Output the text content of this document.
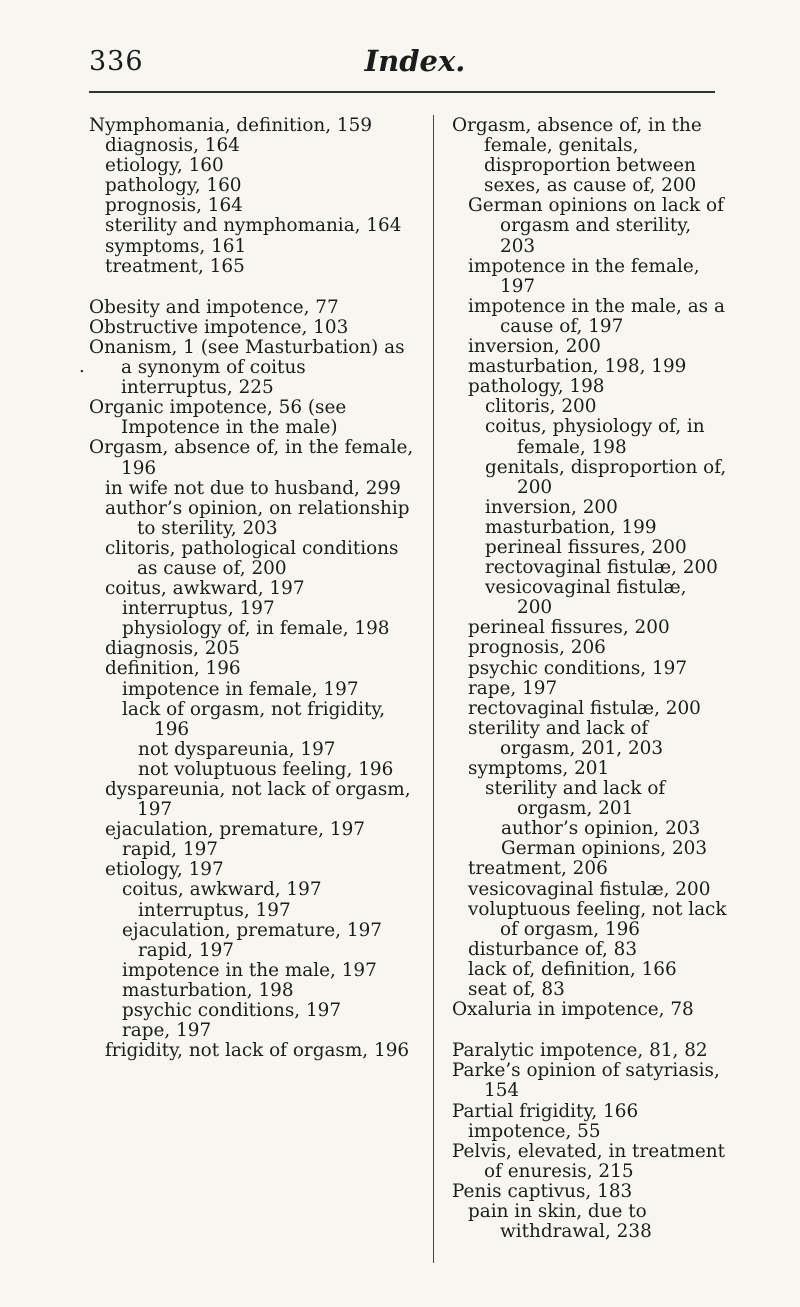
336	Index.
.
Nymphomania, definition, 159
diagnosis, 164
etiology, 160
pathology, 160
prognosis, 164
sterility and nymphomania, 164
symptoms, 161
treatment, 165
Obesity and impotence, 77
Obstructive impotence, 103
Onanism, 1 (see Masturbation) as a synonym of coitus interruptus, 225
Organic impotence, 56 (see Impotence in the male)
Orgasm, absence of, in the female, 196
in wife not due to husband, 299
author’s opinion, on relationship to sterility, 203
clitoris, pathological conditions as cause of, 200
coitus, awkward, 197
interruptus, 197
physiology of, in female, 198
diagnosis, 205
definition, 196
impotence in female, 197
lack of orgasm, not frigidity, 196
not dyspareunia, 197
not voluptuous feeling, 196
dyspareunia, not lack of orgasm, 197
ejaculation, premature, 197
rapid, 197
etiology, 197
coitus, awkward, 197
interruptus, 197
ejaculation, premature, 197
rapid, 197
impotence in the male, 197
masturbation, 198
psychic conditions, 197
rape, 197
frigidity, not lack of orgasm, 196
Orgasm, absence of, in the female, genitals, disproportion between sexes, as cause of, 200
German opinions on lack of orgasm and sterility, 203
impotence in the female, 197
impotence in the male, as a cause of, 197
inversion, 200
masturbation, 198, 199
pathology, 198
clitoris, 200
coitus, physiology of, in female, 198
genitals, disproportion of, 200
inversion, 200
masturbation, 199
perineal fissures, 200
rectovaginal fistulæ, 200
vesicovaginal fistulæ, 200
perineal fissures, 200
prognosis, 206
psychic conditions, 197
rape, 197
rectovaginal fistulæ, 200
sterility and lack of orgasm, 201, 203
symptoms, 201
sterility and lack of orgasm, 201
author’s opinion, 203
German opinions, 203
treatment, 206
vesicovaginal fistulæ, 200
voluptuous feeling, not lack of orgasm, 196
disturbance of, 83
lack of, definition, 166
seat of, 83
Oxaluria in impotence, 78
Paralytic impotence, 81, 82
Parke’s opinion of satyriasis, 154
Partial frigidity, 166
impotence, 55
Pelvis, elevated, in treatment of enuresis, 215
Penis captivus, 183
pain in skin, due to withdrawal, 238
